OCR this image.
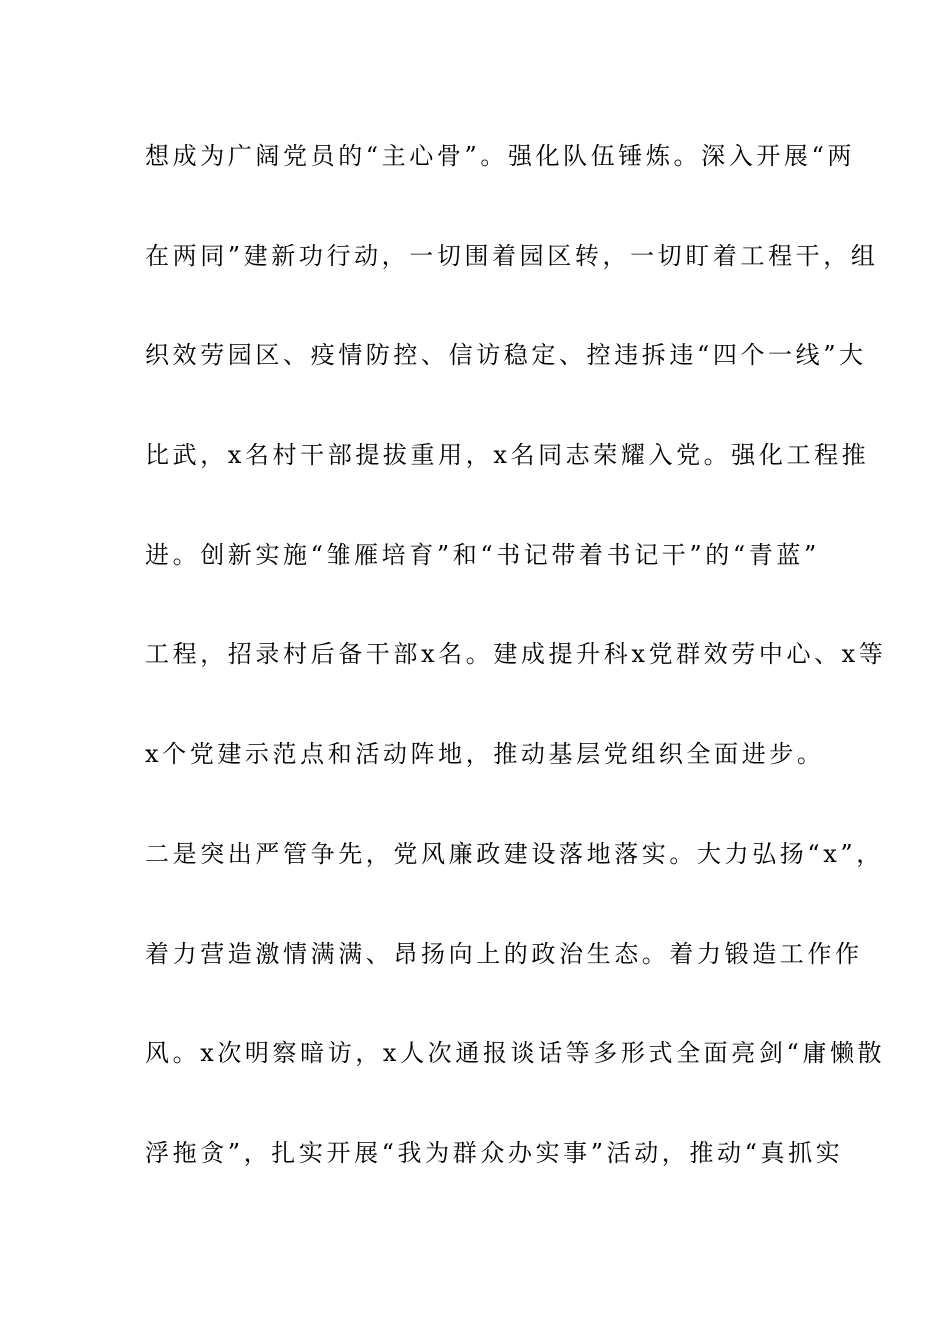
想成为广阔党员的“主心骨”。强化队伍锤炼。深入开展“两
在两同”建新功行动，一切围着园区转，一切盯着工程干，组
织效劳园区、疫情防控、信访稳定、控违拆违“四个一线”大
比武，x名村干部提拔重用，x名同志荣耀入党。强化工程推
进。创新实施“雏雁培育”和“书记带着书记干”的“青蓝”
工程，招录村后备干部x名。建成提升科x党群效劳中心、x等
x个党建示范点和活动阵地，推动基层党组织全面进步。
二是突出严管争先，党风廉政建设落地落实。大力弘扬“x”，
着力营造激情满满、昂扬向上的政治生态。着力锻造工作作
风。x次明察暗访，x人次通报谈话等多形式全面亮剑“庸懒散
浮拖贪”，扎实开展“我为群众办实事”活动，推动“真抓实
